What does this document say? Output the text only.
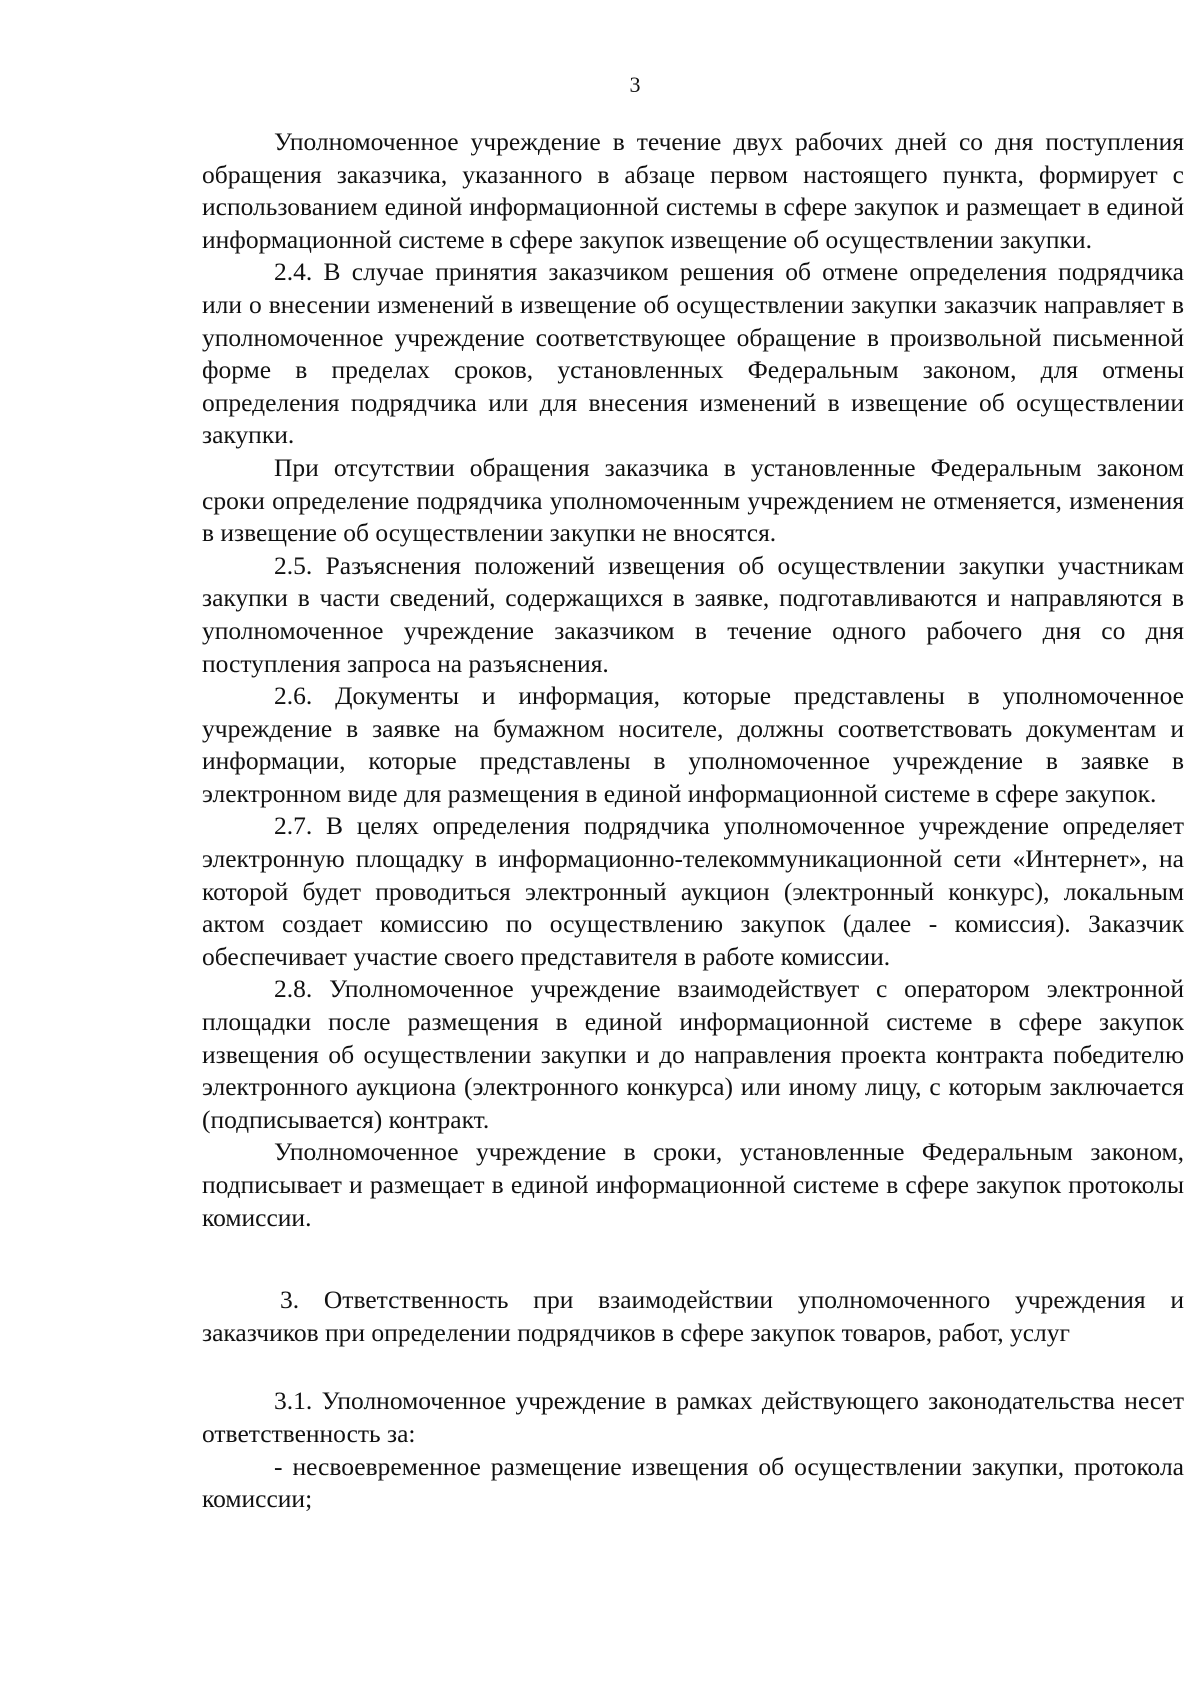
3

Уполномоченное учреждение в течение двух рабочих дней со дня поступления обращения заказчика, указанного в абзаце первом настоящего пункта, формирует с использованием единой информационной системы в сфере закупок и размещает в единой информационной системе в сфере закупок извещение об осуществлении закупки.

2.4. В случае принятия заказчиком решения об отмене определения подрядчика или о внесении изменений в извещение об осуществлении закупки заказчик направляет в уполномоченное учреждение соответствующее обращение в произвольной письменной форме в пределах сроков, установленных Федеральным законом, для отмены определения подрядчика или для внесения изменений в извещение об осуществлении закупки.

При отсутствии обращения заказчика в установленные Федеральным законом сроки определение подрядчика уполномоченным учреждением не отменяется, изменения в извещение об осуществлении закупки не вносятся.

2.5. Разъяснения положений извещения об осуществлении закупки участникам закупки в части сведений, содержащихся в заявке, подготавливаются и направляются в уполномоченное учреждение заказчиком в течение одного рабочего дня со дня поступления запроса на разъяснения.

2.6. Документы и информация, которые представлены в уполномоченное учреждение в заявке на бумажном носителе, должны соответствовать документам и информации, которые представлены в уполномоченное учреждение в заявке в электронном виде для размещения в единой информационной системе в сфере закупок.

2.7. В целях определения подрядчика уполномоченное учреждение определяет электронную площадку в информационно-телекоммуникационной сети «Интернет», на которой будет проводиться электронный аукцион (электронный конкурс), локальным актом создает комиссию по осуществлению закупок (далее - комиссия). Заказчик обеспечивает участие своего представителя в работе комиссии.

2.8. Уполномоченное учреждение взаимодействует с оператором электронной площадки после размещения в единой информационной системе в сфере закупок извещения об осуществлении закупки и до направления проекта контракта победителю электронного аукциона (электронного конкурса) или иному лицу, с которым заключается (подписывается) контракт.

Уполномоченное учреждение в сроки, установленные Федеральным законом, подписывает и размещает в единой информационной системе в сфере закупок протоколы комиссии.

3. Ответственность при взаимодействии уполномоченного учреждения и заказчиков при определении подрядчиков в сфере закупок товаров, работ, услуг

3.1. Уполномоченное учреждение в рамках действующего законодательства несет ответственность за:

- несвоевременное размещение извещения об осуществлении закупки, протокола комиссии;
